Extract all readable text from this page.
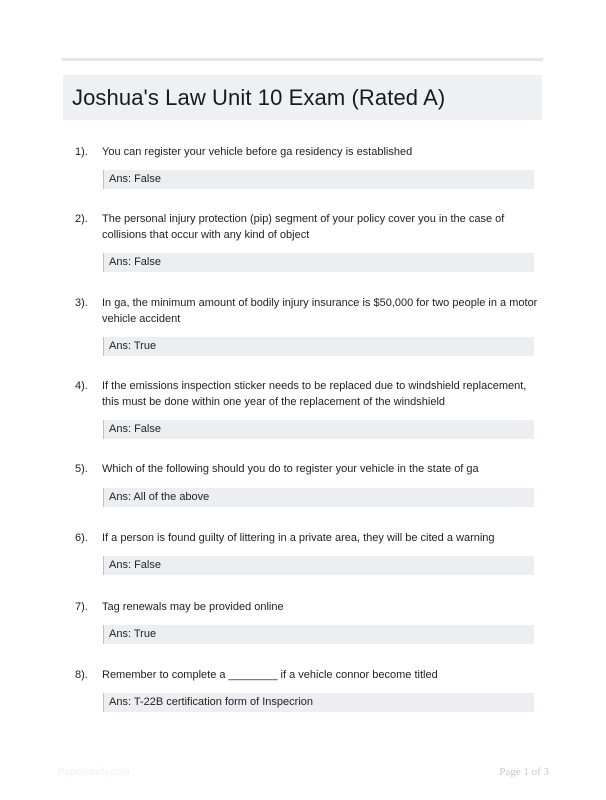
Joshua's Law Unit 10 Exam (Rated A)
1). You can register your vehicle before ga residency is established
Ans: False
2). The personal injury protection (pip) segment of your policy cover you in the case of collisions that occur with any kind of object
Ans: False
3). In ga, the minimum amount of bodily injury insurance is $50,000 for two people in a motor vehicle accident
Ans: True
4). If the emissions inspection sticker needs to be replaced due to windshield replacement, this must be done within one year of the replacement of the windshield
Ans: False
5). Which of the following should you do to register your vehicle in the state of ga
Ans: All of the above
6). If a person is found guilty of littering in a private area, they will be cited a warning
Ans: False
7). Tag renewals may be provided online
Ans: True
8). Remember to complete a ________ if a vehicle connor become titled
Ans: T-22B certification form of Inspecrion
Paperstudy.com	Page 1 of 3
